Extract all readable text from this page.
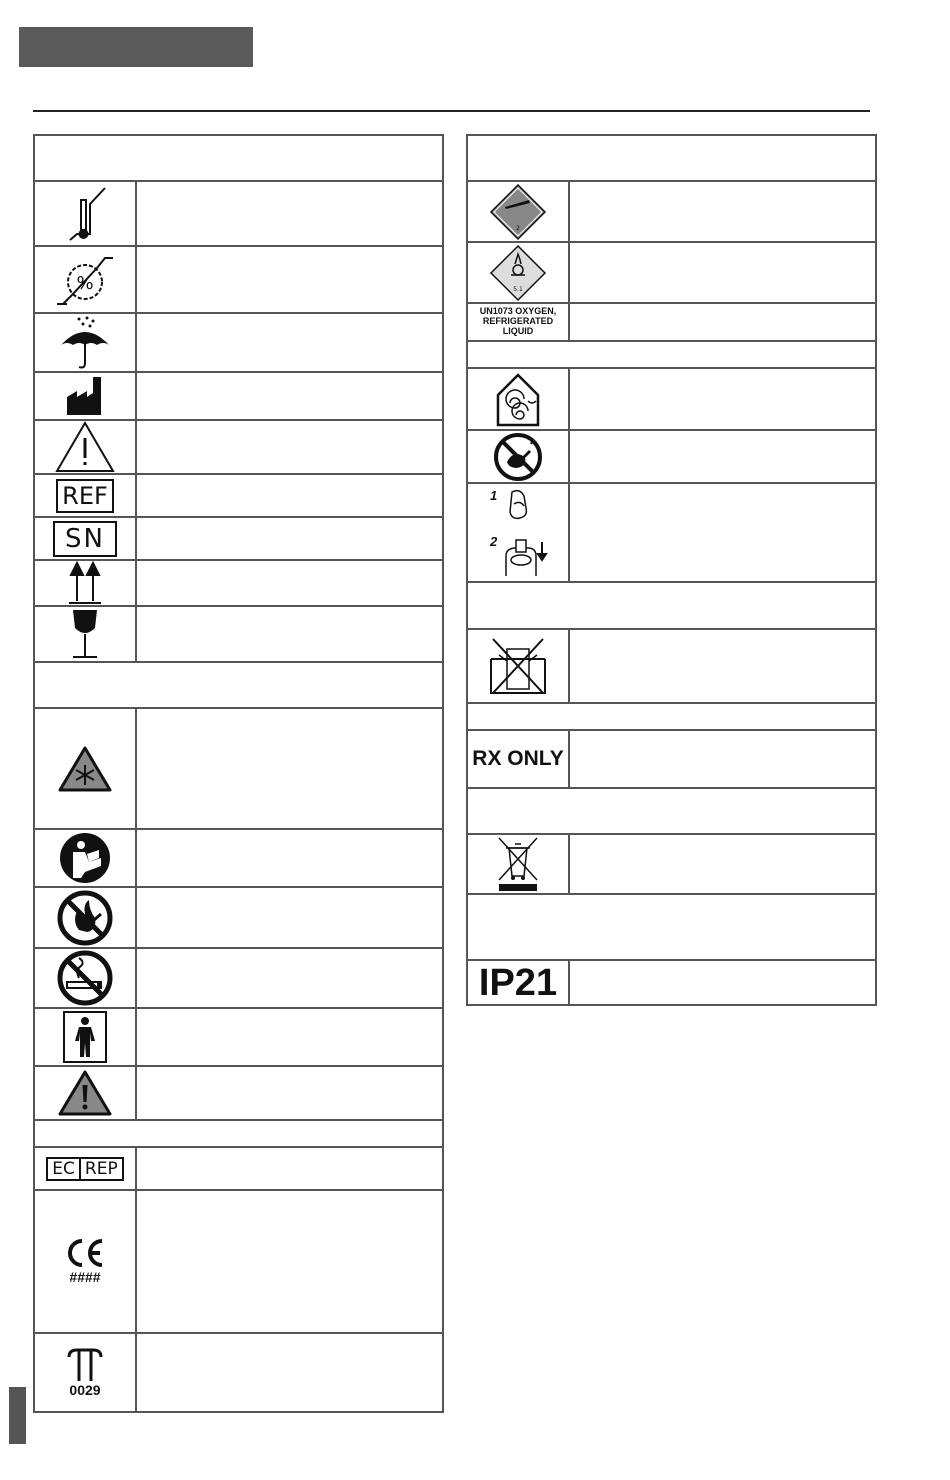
%
REF
SN
EC REP
####
0029
2
5.1
UN1073 OXYGEN, REFRIGERATED LIQUID
1
2
RX ONLY
IP21
